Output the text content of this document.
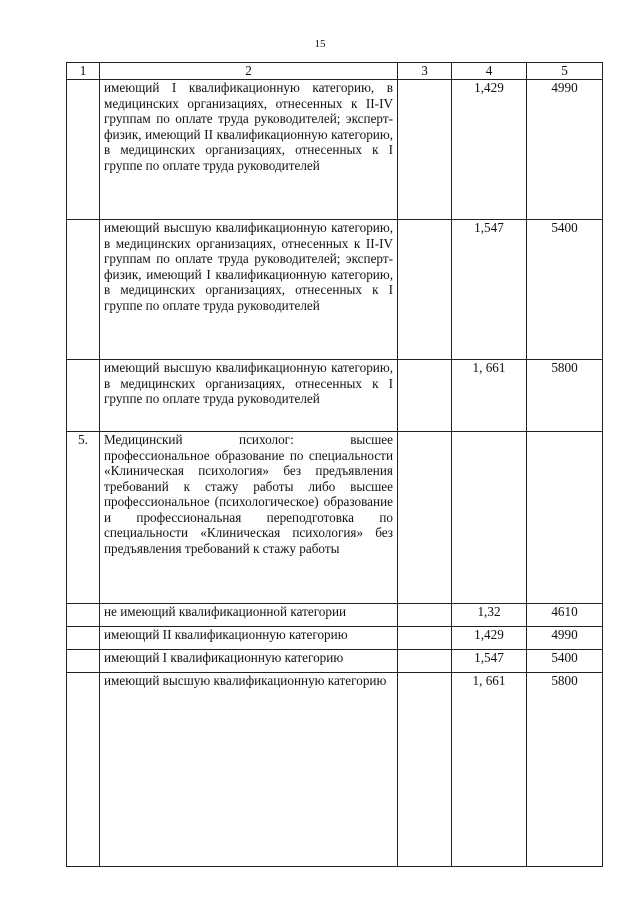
15
1	2	3	4	5
	имеющий I квалификационную категорию, в медицинских организациях, отнесенных к II-IV группам по оплате труда руководителей; эксперт-физик, имеющий II квалификационную категорию, в медицинских организациях, отнесенных к I группе по оплате труда руководителей		1,429	4990
	имеющий высшую квалификационную категорию, в медицинских организациях, отнесенных к II-IV группам по оплате труда руководителей; эксперт-физик, имеющий I квалификационную категорию, в медицинских организациях, отнесенных к I группе по оплате труда руководителей		1,547	5400
	имеющий высшую квалификационную категорию, в медицинских организациях, отнесенных к I группе по оплате труда руководителей		1, 661	5800
5.	Медицинский психолог: высшее профессиональное образование по специальности «Клиническая психология» без предъявления требований к стажу работы либо высшее профессиональное (психологическое) образование и профессиональная переподготовка по специальности «Клиническая психология» без предъявления требований к стажу работы			
	не имеющий квалификационной категории		1,32	4610
	имеющий II квалификационную категорию		1,429	4990
	имеющий I квалификационную категорию		1,547	5400
	имеющий высшую квалификационную категорию		1, 661	5800
